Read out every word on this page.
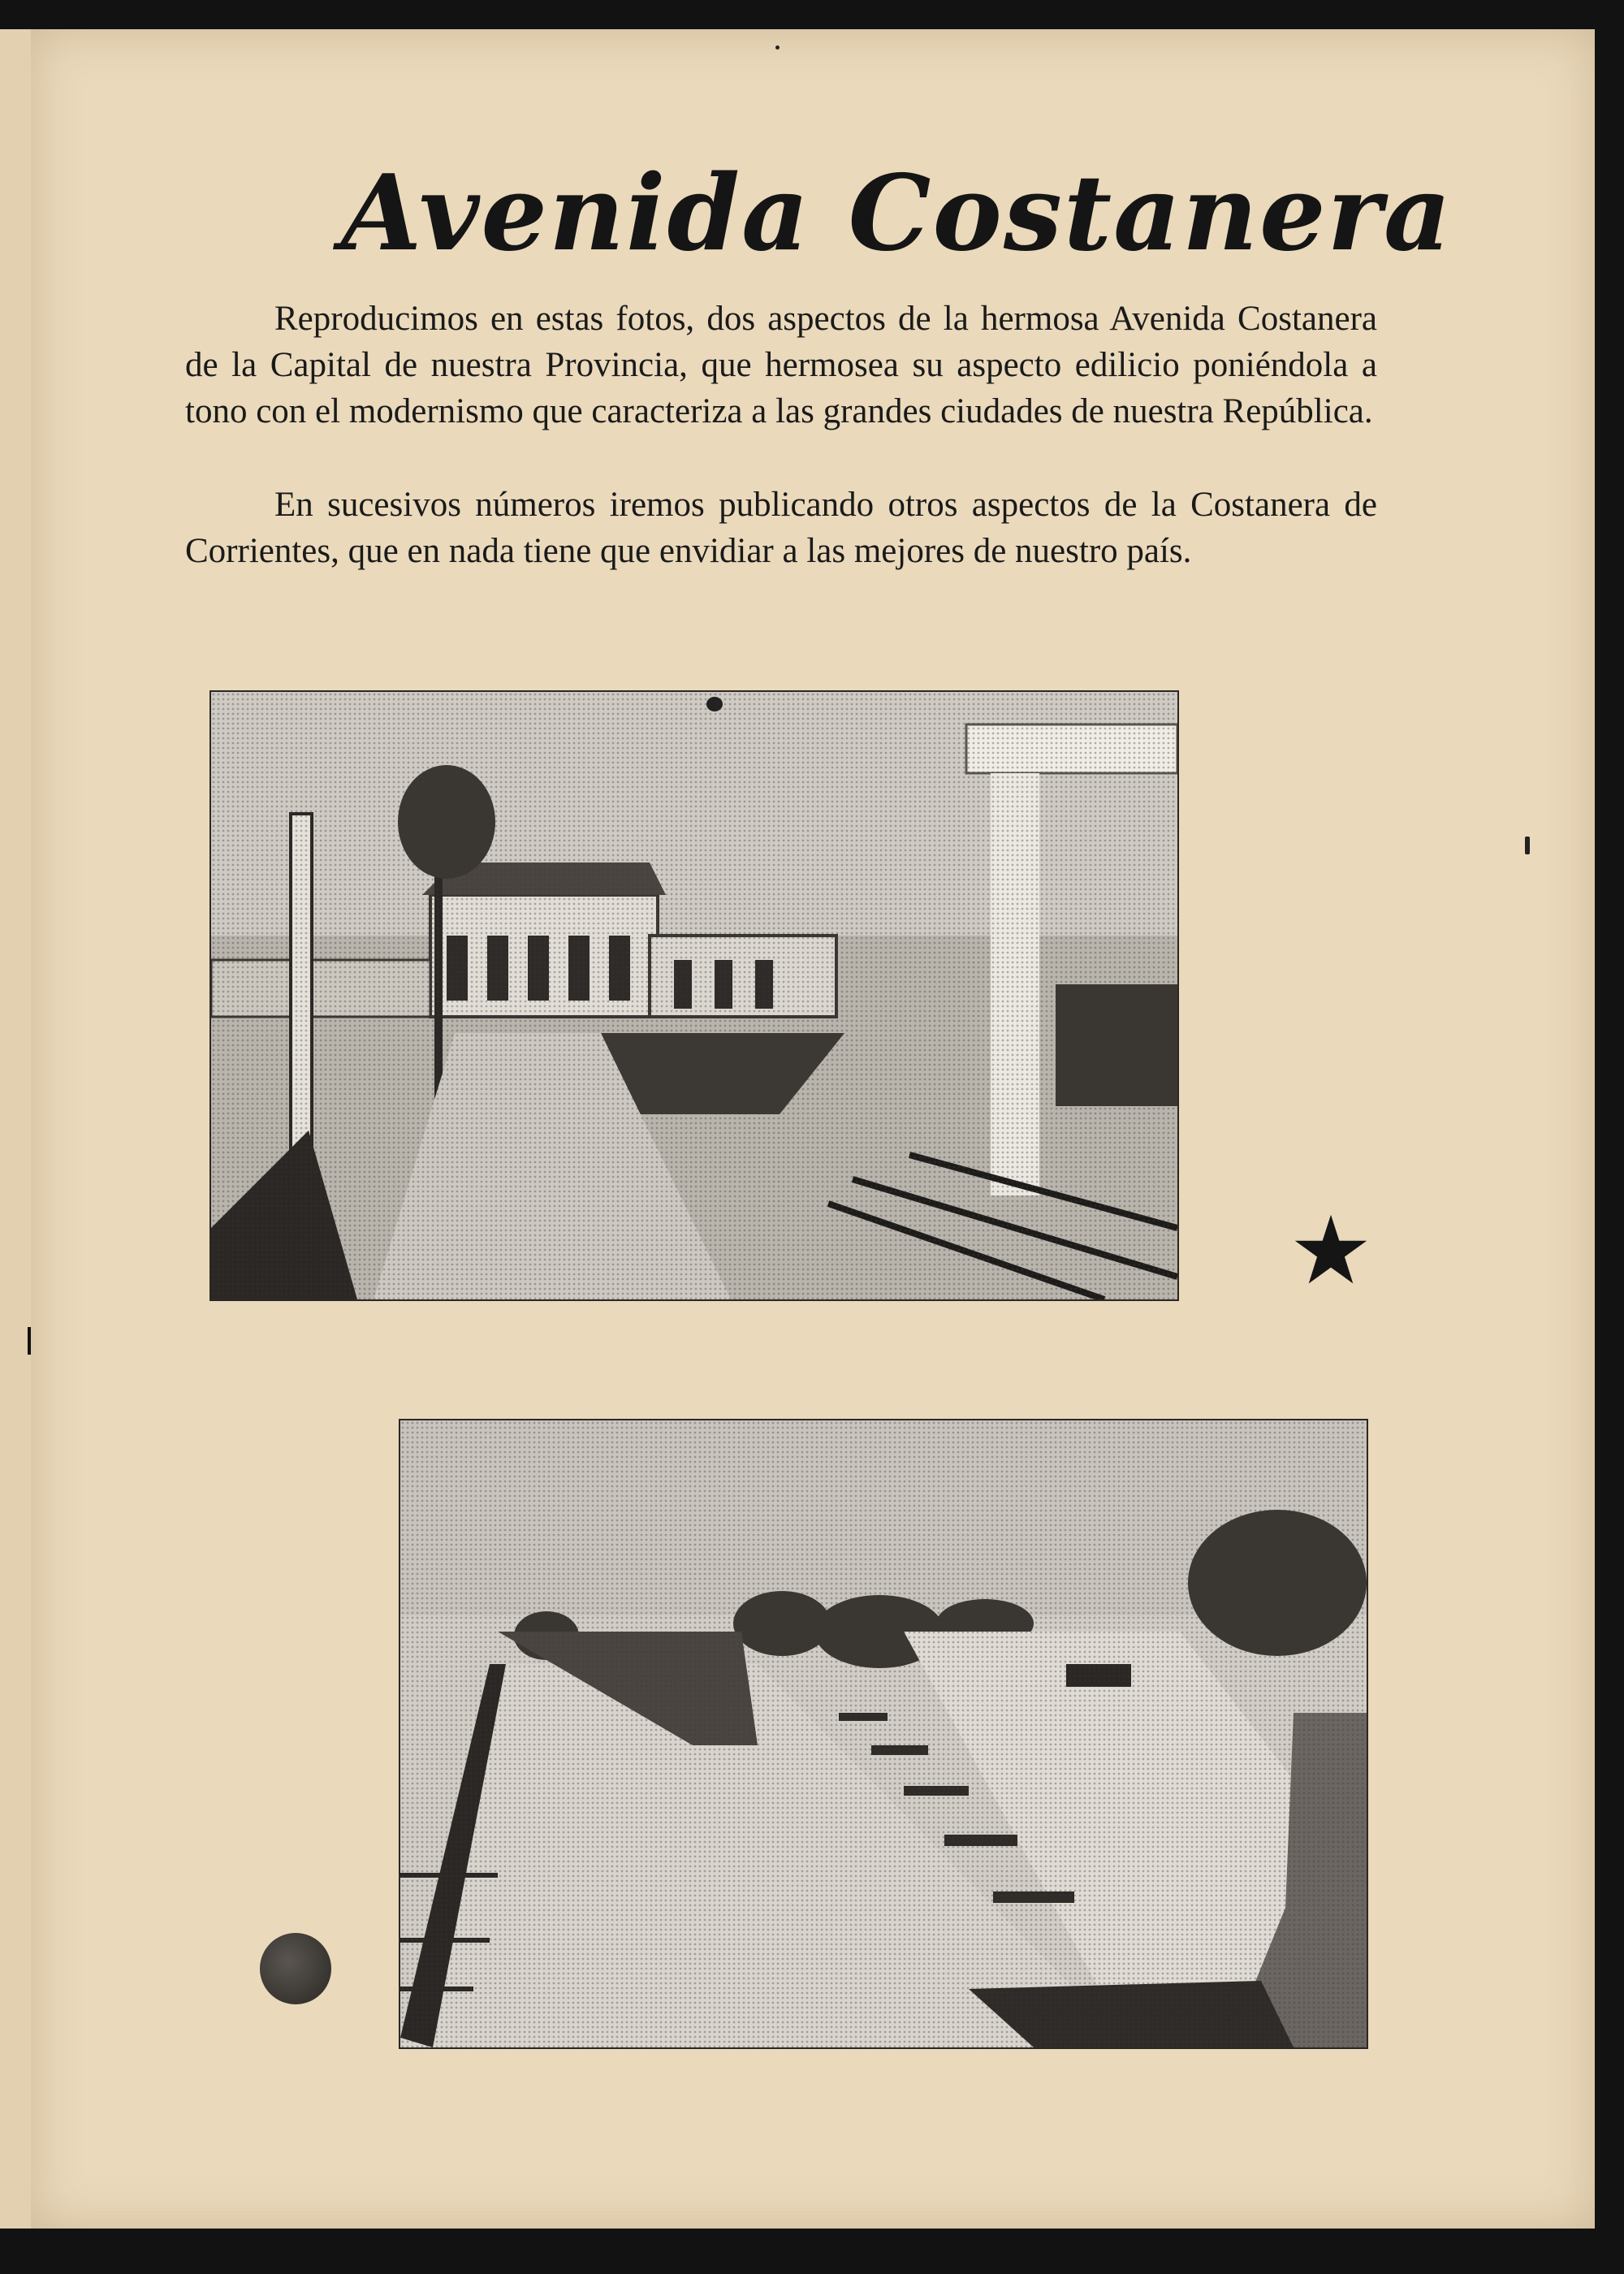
Avenida Costanera

Reproducimos en estas fotos, dos aspectos de la hermosa Avenida Costanera de la Capital de nuestra Provincia, que hermosea su aspecto edilicio poniéndola a tono con el modernismo que caracteriza a las grandes ciudades de nuestra República.

En sucesivos números iremos publicando otros aspectos de la Costanera de Corrientes, que en nada tiene que envidiar a las mejores de nuestro país.
